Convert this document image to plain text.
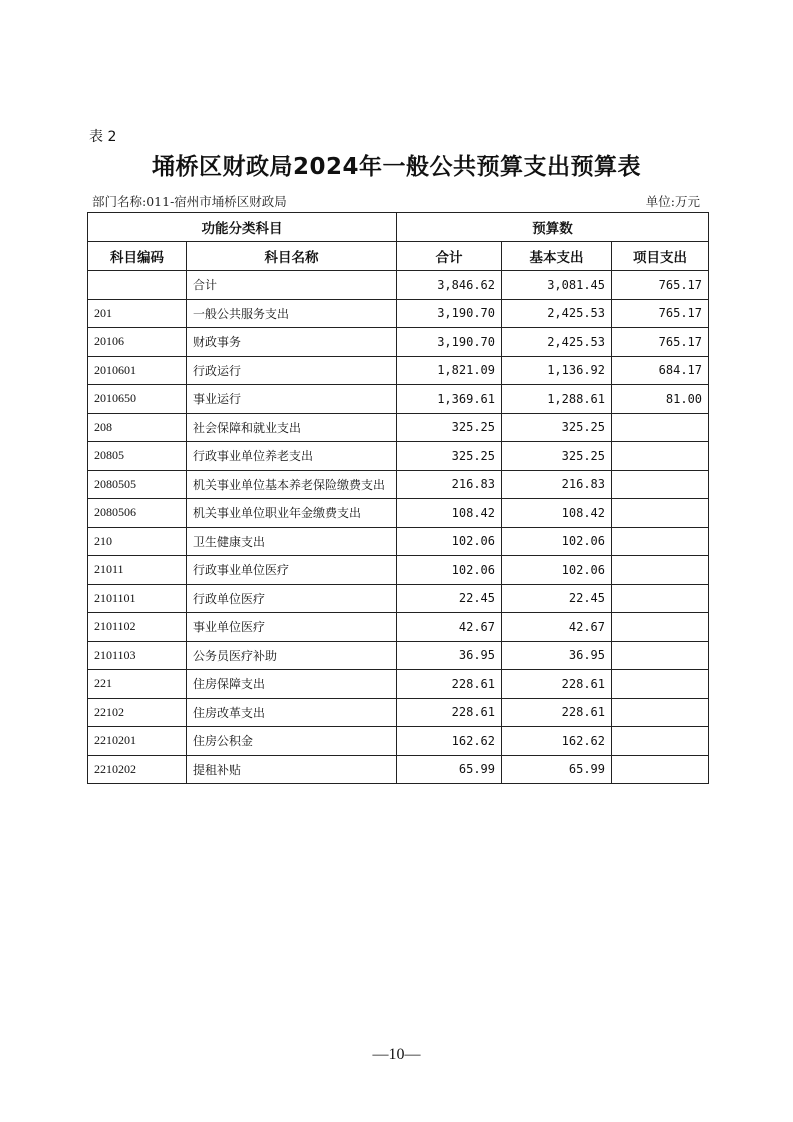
表 2
埇桥区财政局2024年一般公共预算支出预算表
部门名称:011-宿州市埇桥区财政局	单位:万元
功能分类科目		预算数		
科目编码	科目名称	合计	基本支出	项目支出
	合计	3,846.62	3,081.45	765.17
201	一般公共服务支出	3,190.70	2,425.53	765.17
20106	财政事务	3,190.70	2,425.53	765.17
2010601	行政运行	1,821.09	1,136.92	684.17
2010650	事业运行	1,369.61	1,288.61	81.00
208	社会保障和就业支出	325.25	325.25	
20805	行政事业单位养老支出	325.25	325.25	
2080505	机关事业单位基本养老保险缴费支出	216.83	216.83	
2080506	机关事业单位职业年金缴费支出	108.42	108.42	
210	卫生健康支出	102.06	102.06	
21011	行政事业单位医疗	102.06	102.06	
2101101	行政单位医疗	22.45	22.45	
2101102	事业单位医疗	42.67	42.67	
2101103	公务员医疗补助	36.95	36.95	
221	住房保障支出	228.61	228.61	
22102	住房改革支出	228.61	228.61	
2210201	住房公积金	162.62	162.62	
2210202	提租补贴	65.99	65.99	
—10—
